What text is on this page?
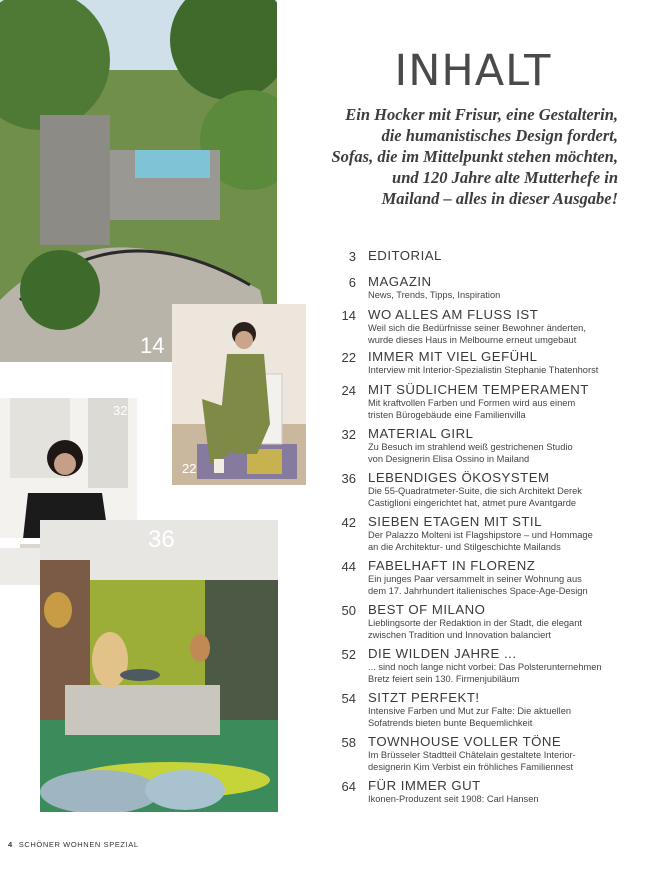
14
22
32
36
INHALT
Ein Hocker mit Frisur, eine Gestalterin,
die humanistisches Design fordert,
Sofas, die im Mittelpunkt stehen möchten,
und 120 Jahre alte Mutterhefe in
Mailand – alles in dieser Ausgabe!
3 EDITORIAL
6 MAGAZIN
News, Trends, Tipps, Inspiration
14 WO ALLES AM FLUSS IST
Weil sich die Bedürfnisse seiner Bewohner änderten,
wurde dieses Haus in Melbourne erneut umgebaut
22 IMMER MIT VIEL GEFÜHL
Interview mit Interior-Spezialistin Stephanie Thatenhorst
24 MIT SÜDLICHEM TEMPERAMENT
Mit kraftvollen Farben und Formen wird aus einem
tristen Bürogebäude eine Familienvilla
32 MATERIAL GIRL
Zu Besuch im strahlend weiß gestrichenen Studio
von Designerin Elisa Ossino in Mailand
36 LEBENDIGES ÖKOSYSTEM
Die 55-Quadratmeter-Suite, die sich Architekt Derek
Castiglioni eingerichtet hat, atmet pure Avantgarde
42 SIEBEN ETAGEN MIT STIL
Der Palazzo Molteni ist Flagshipstore – und Hommage
an die Architektur- und Stilgeschichte Mailands
44 FABELHAFT IN FLORENZ
Ein junges Paar versammelt in seiner Wohnung aus
dem 17. Jahrhundert italienisches Space-Age-Design
50 BEST OF MILANO
Lieblingsorte der Redaktion in der Stadt, die elegant
zwischen Tradition und Innovation balanciert
52 DIE WILDEN JAHRE ...
... sind noch lange nicht vorbei: Das Polsterunternehmen
Bretz feiert sein 130. Firmenjubiläum
54 SITZT PERFEKT!
Intensive Farben und Mut zur Falte: Die aktuellen
Sofatrends bieten bunte Bequemlichkeit
58 TOWNHOUSE VOLLER TÖNE
Im Brüsseler Stadtteil Châtelain gestaltete Interior-
designerin Kim Verbist ein fröhliches Familiennest
64 FÜR IMMER GUT
Ikonen-Produzent seit 1908: Carl Hansen
4 SCHÖNER WOHNEN SPEZIAL
